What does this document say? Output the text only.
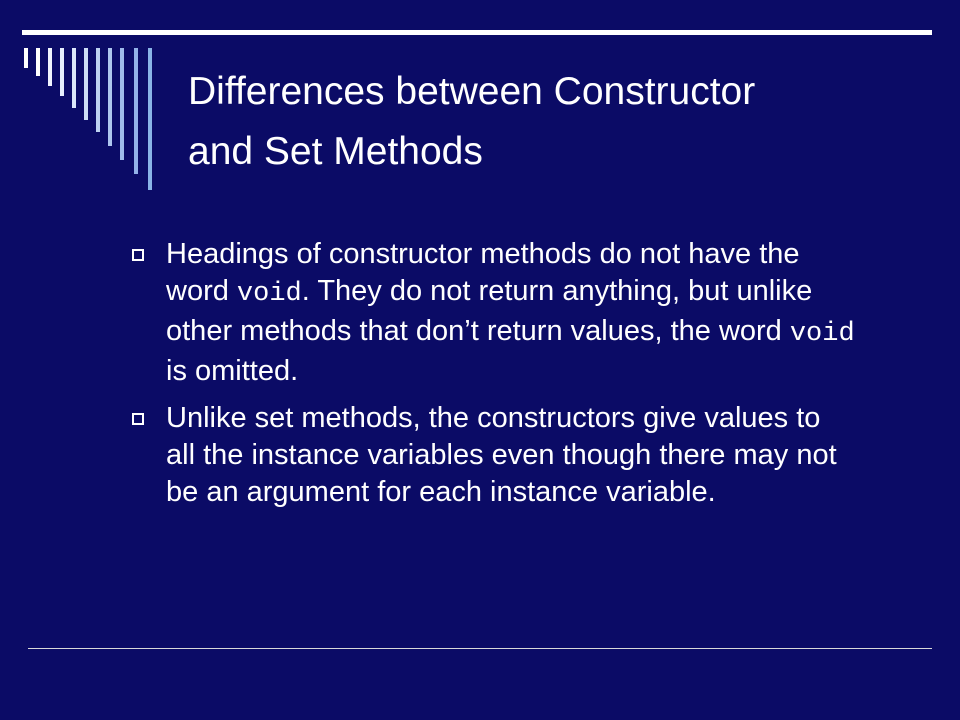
Differences between Constructor
and Set Methods
Headings of constructor methods do not have the word void. They do not return anything, but unlike other methods that don’t return values, the word void is omitted.
Unlike set methods, the constructors give values to all the instance variables even though there may not be an argument for each instance variable.
